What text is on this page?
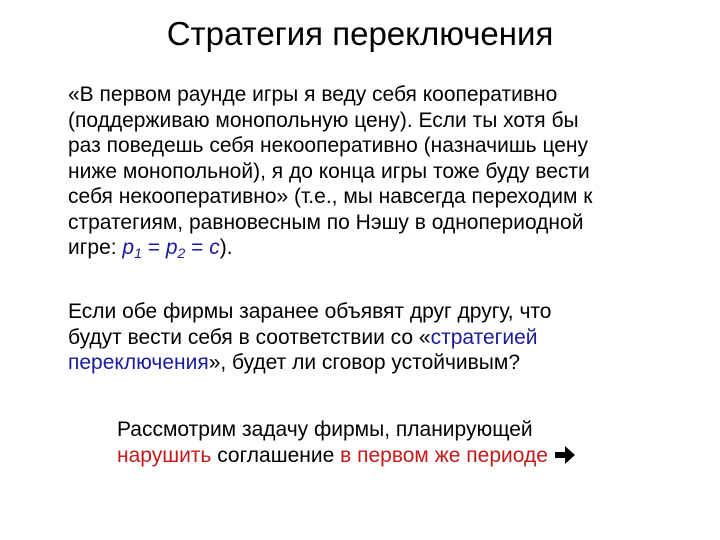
Стратегия переключения
«В первом раунде игры я веду себя кооперативно
(поддерживаю монопольную цену). Если ты хотя бы
раз поведешь себя некооперативно (назначишь цену
ниже монопольной), я до конца игры тоже буду вести
себя некооперативно» (т.е., мы навсегда переходим к
стратегиям, равновесным по Нэшу в однопериодной
игре: $p_1 = p_2 = c$).
Если обе фирмы заранее объявят друг другу, что
будут вести себя в соответствии со «стратегией
переключения», будет ли сговор устойчивым?
Рассмотрим задачу фирмы, планирующей
нарушить соглашение в первом же периоде
